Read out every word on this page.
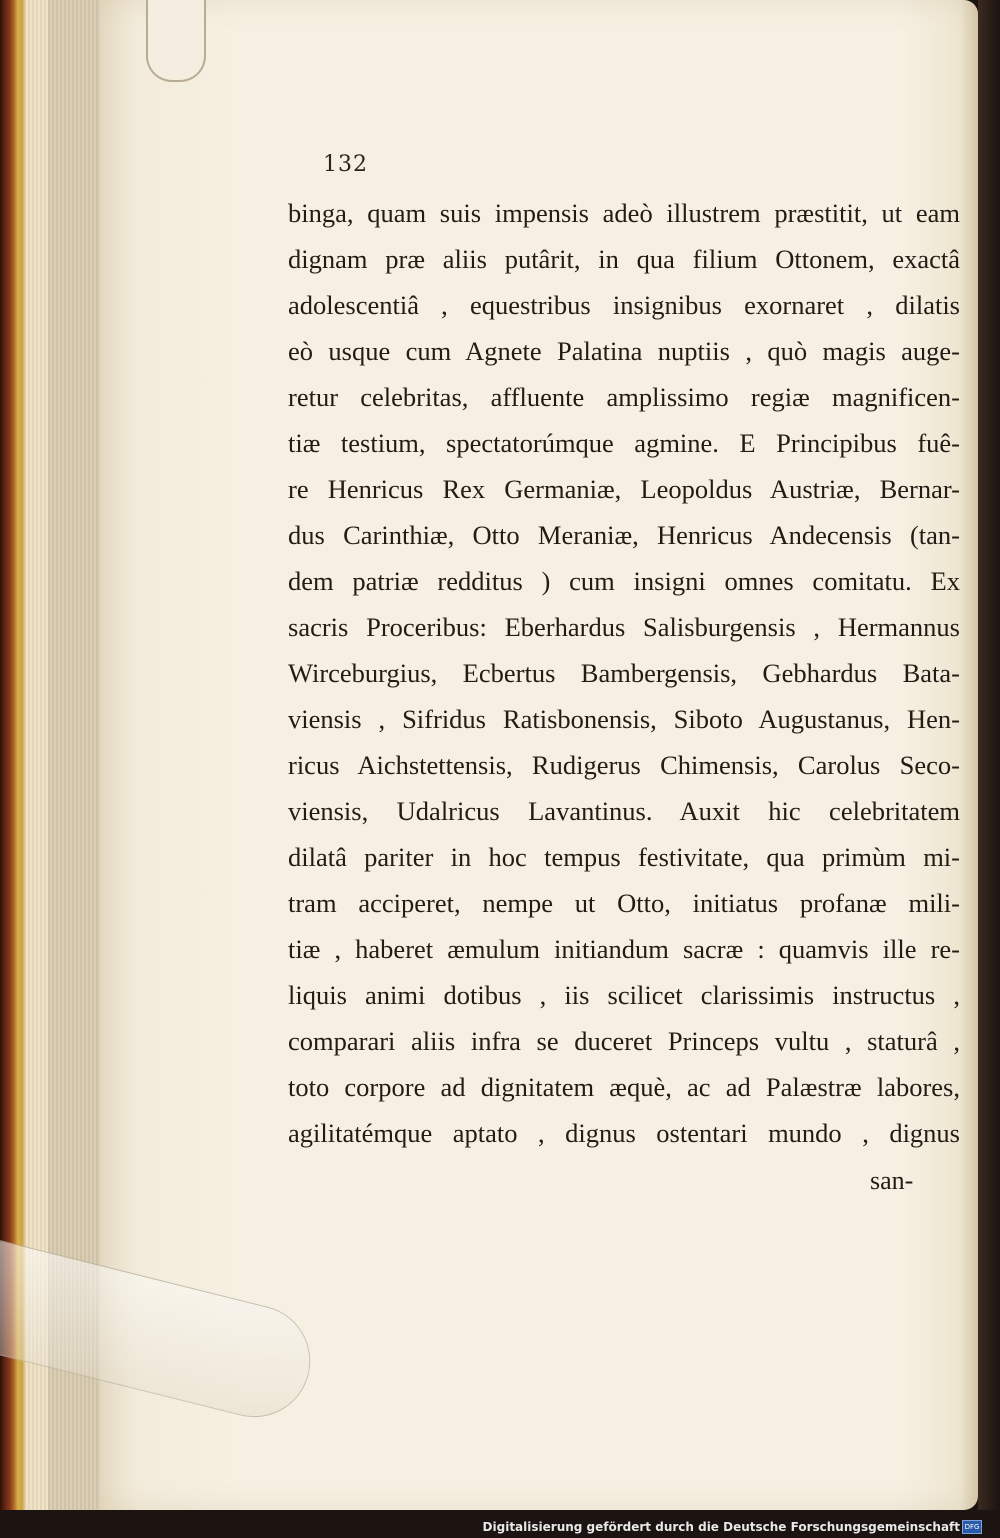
132
binga, quam suis impensis adeò illustrem præstitit, ut eam
dignam præ aliis putârit, in qua filium Ottonem, exactâ
adolescentiâ , equestribus insignibus exornaret , dilatis
eò usque cum Agnete Palatina nuptiis , quò magis auge-
retur celebritas, affluente amplissimo regiæ magnificen-
tiæ testium, spectatorúmque agmine. E Principibus fuê-
re Henricus Rex Germaniæ, Leopoldus Austriæ, Bernar-
dus Carinthiæ, Otto Meraniæ, Henricus Andecensis (tan-
dem patriæ redditus ) cum insigni omnes comitatu. Ex
sacris Proceribus: Eberhardus Salisburgensis , Hermannus
Wirceburgius, Ecbertus Bambergensis, Gebhardus Bata-
viensis , Sifridus Ratisbonensis, Siboto Augustanus, Hen-
ricus Aichstettensis, Rudigerus Chimensis, Carolus Seco-
viensis, Udalricus Lavantinus. Auxit hic celebritatem
dilatâ pariter in hoc tempus festivitate, qua primùm mi-
tram acciperet, nempe ut Otto, initiatus profanæ mili-
tiæ , haberet æmulum initiandum sacræ : quamvis ille re-
liquis animi dotibus , iis scilicet clarissimis instructus ,
comparari aliis infra se duceret Princeps vultu , staturâ ,
toto corpore ad dignitatem æquè, ac ad Palæstræ labores,
agilitatémque aptato , dignus ostentari mundo , dignus
san-
Digitalisierung gefördert durch die Deutsche Forschungsgemeinschaft DFG
